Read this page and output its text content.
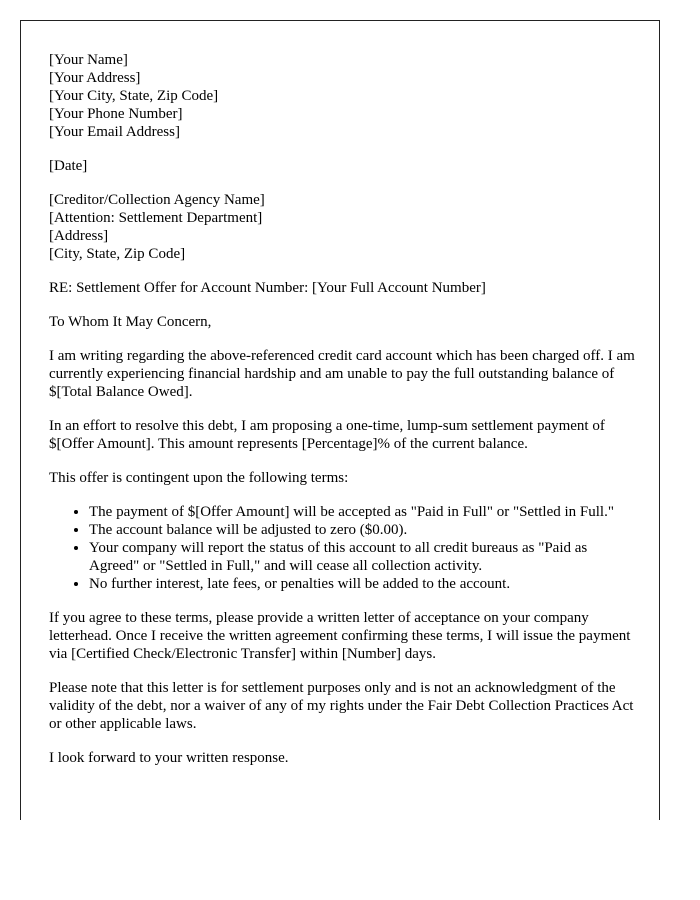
[Your Name]
[Your Address]
[Your City, State, Zip Code]
[Your Phone Number]
[Your Email Address]
[Date]
[Creditor/Collection Agency Name]
[Attention: Settlement Department]
[Address]
[City, State, Zip Code]

RE: Settlement Offer for Account Number: [Your Full Account Number]

To Whom It May Concern,

I am writing regarding the above-referenced credit card account which has been charged off. I am currently experiencing financial hardship and am unable to pay the full outstanding balance of $[Total Balance Owed].

In an effort to resolve this debt, I am proposing a one-time, lump-sum settlement payment of $[Offer Amount]. This amount represents [Percentage]% of the current balance.

This offer is contingent upon the following terms:

• The payment of $[Offer Amount] will be accepted as "Paid in Full" or "Settled in Full."
• The account balance will be adjusted to zero ($0.00).
• Your company will report the status of this account to all credit bureaus as "Paid as Agreed" or "Settled in Full," and will cease all collection activity.
• No further interest, late fees, or penalties will be added to the account.

If you agree to these terms, please provide a written letter of acceptance on your company letterhead. Once I receive the written agreement confirming these terms, I will issue the payment via [Certified Check/Electronic Transfer] within [Number] days.

Please note that this letter is for settlement purposes only and is not an acknowledgment of the validity of the debt, nor a waiver of any of my rights under the Fair Debt Collection Practices Act or other applicable laws.

I look forward to your written response.
